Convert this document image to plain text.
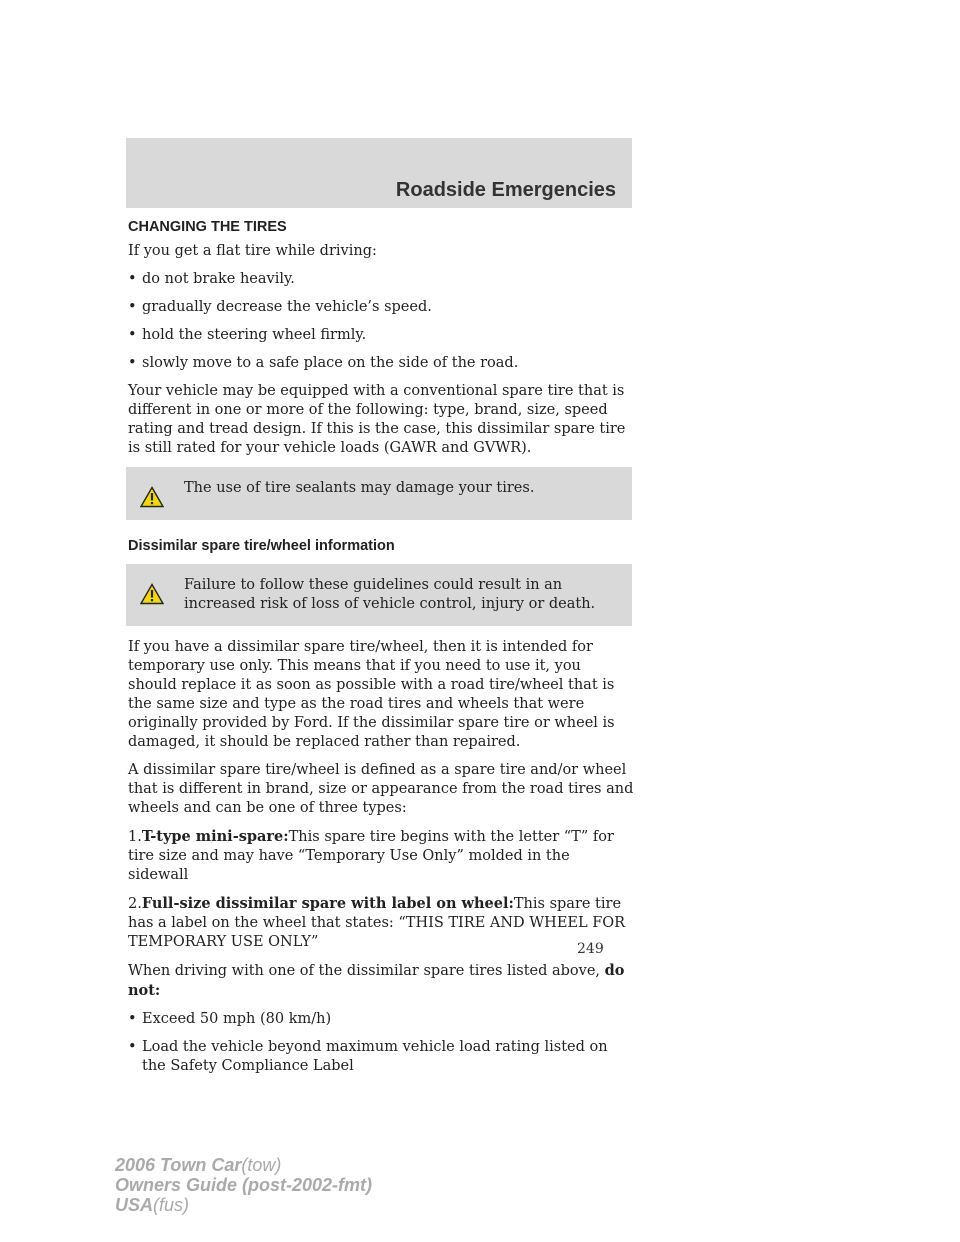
Roadside Emergencies
CHANGING THE TIRES

If you get a flat tire while driving:

• do not brake heavily.
• gradually decrease the vehicle’s speed.
• hold the steering wheel firmly.
• slowly move to a safe place on the side of the road.

Your vehicle may be equipped with a conventional spare tire that is different in one or more of the following: type, brand, size, speed rating and tread design. If this is the case, this dissimilar spare tire is still rated for your vehicle loads (GAWR and GVWR).

The use of tire sealants may damage your tires.
Dissimilar spare tire/wheel information
Failure to follow these guidelines could result in an increased risk of loss of vehicle control, injury or death.

If you have a dissimilar spare tire/wheel, then it is intended for temporary use only. This means that if you need to use it, you should replace it as soon as possible with a road tire/wheel that is the same size and type as the road tires and wheels that were originally provided by Ford. If the dissimilar spare tire or wheel is damaged, it should be replaced rather than repaired.

A dissimilar spare tire/wheel is defined as a spare tire and/or wheel that is different in brand, size or appearance from the road tires and wheels and can be one of three types:

1.T-type mini-spare:This spare tire begins with the letter “T” for tire size and may have “Temporary Use Only” molded in the sidewall

2.Full-size dissimilar spare with label on wheel:This spare tire has a label on the wheel that states: “THIS TIRE AND WHEEL FOR TEMPORARY USE ONLY”

When driving with one of the dissimilar spare tires listed above, do not:

• Exceed 50 mph (80 km/h)
• Load the vehicle beyond maximum vehicle load rating listed on the Safety Compliance Label
249
2006 Town Car(tow)
Owners Guide (post-2002-fmt)
USA(fus)
